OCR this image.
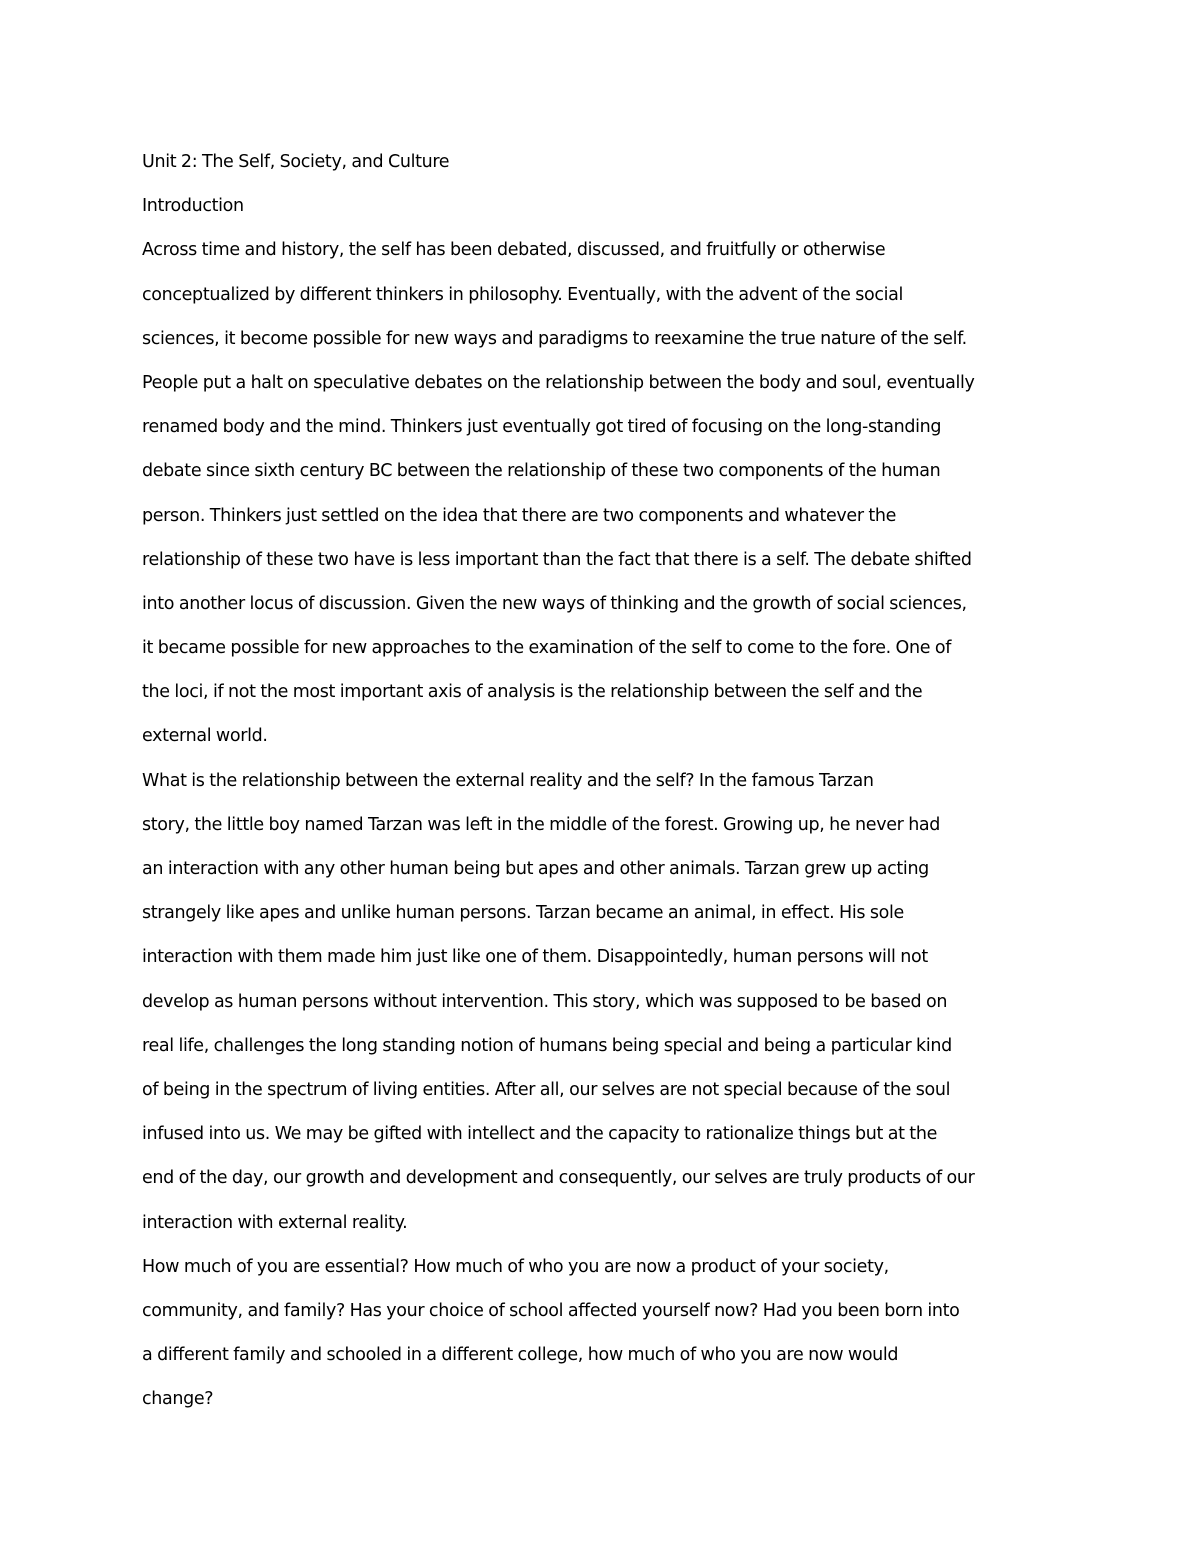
Unit 2: The Self, Society, and Culture
Introduction
Across time and history, the self has been debated, discussed, and fruitfully or otherwise
conceptualized by different thinkers in philosophy. Eventually, with the advent of the social
sciences, it become possible for new ways and paradigms to reexamine the true nature of the self.
People put a halt on speculative debates on the relationship between the body and soul, eventually
renamed body and the mind. Thinkers just eventually got tired of focusing on the long-standing
debate since sixth century BC between the relationship of these two components of the human
person. Thinkers just settled on the idea that there are two components and whatever the
relationship of these two have is less important than the fact that there is a self. The debate shifted
into another locus of discussion. Given the new ways of thinking and the growth of social sciences,
it became possible for new approaches to the examination of the self to come to the fore. One of
the loci, if not the most important axis of analysis is the relationship between the self and the
external world.
What is the relationship between the external reality and the self? In the famous Tarzan
story, the little boy named Tarzan was left in the middle of the forest. Growing up, he never had
an interaction with any other human being but apes and other animals. Tarzan grew up acting
strangely like apes and unlike human persons. Tarzan became an animal, in effect. His sole
interaction with them made him just like one of them. Disappointedly, human persons will not
develop as human persons without intervention. This story, which was supposed to be based on
real life, challenges the long standing notion of humans being special and being a particular kind
of being in the spectrum of living entities. After all, our selves are not special because of the soul
infused into us. We may be gifted with intellect and the capacity to rationalize things but at the
end of the day, our growth and development and consequently, our selves are truly products of our
interaction with external reality.
How much of you are essential? How much of who you are now a product of your society,
community, and family? Has your choice of school affected yourself now? Had you been born into
a different family and schooled in a different college, how much of who you are now would
change?
